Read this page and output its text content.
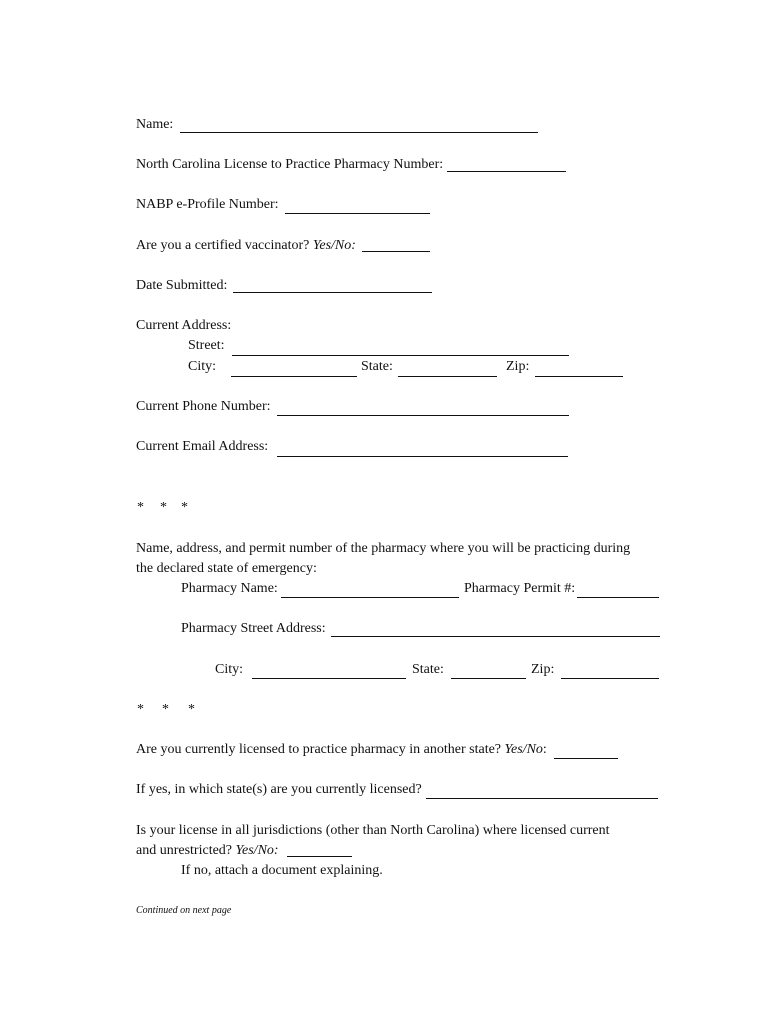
Name:
North Carolina License to Practice Pharmacy Number:
NABP e-Profile Number:
Are you a certified vaccinator? Yes/No:
Date Submitted:
Current Address:
Street:
City:	State:	Zip:
Current Phone Number:
Current Email Address:
* * *
Name, address, and permit number of the pharmacy where you will be practicing during
the declared state of emergency:
Pharmacy Name:	Pharmacy Permit #:
Pharmacy Street Address:
City:	State:	Zip:
* * *
Are you currently licensed to practice pharmacy in another state? Yes/No:
If yes, in which state(s) are you currently licensed?
Is your license in all jurisdictions (other than North Carolina) where licensed current
and unrestricted? Yes/No:
If no, attach a document explaining.
Continued on next page
